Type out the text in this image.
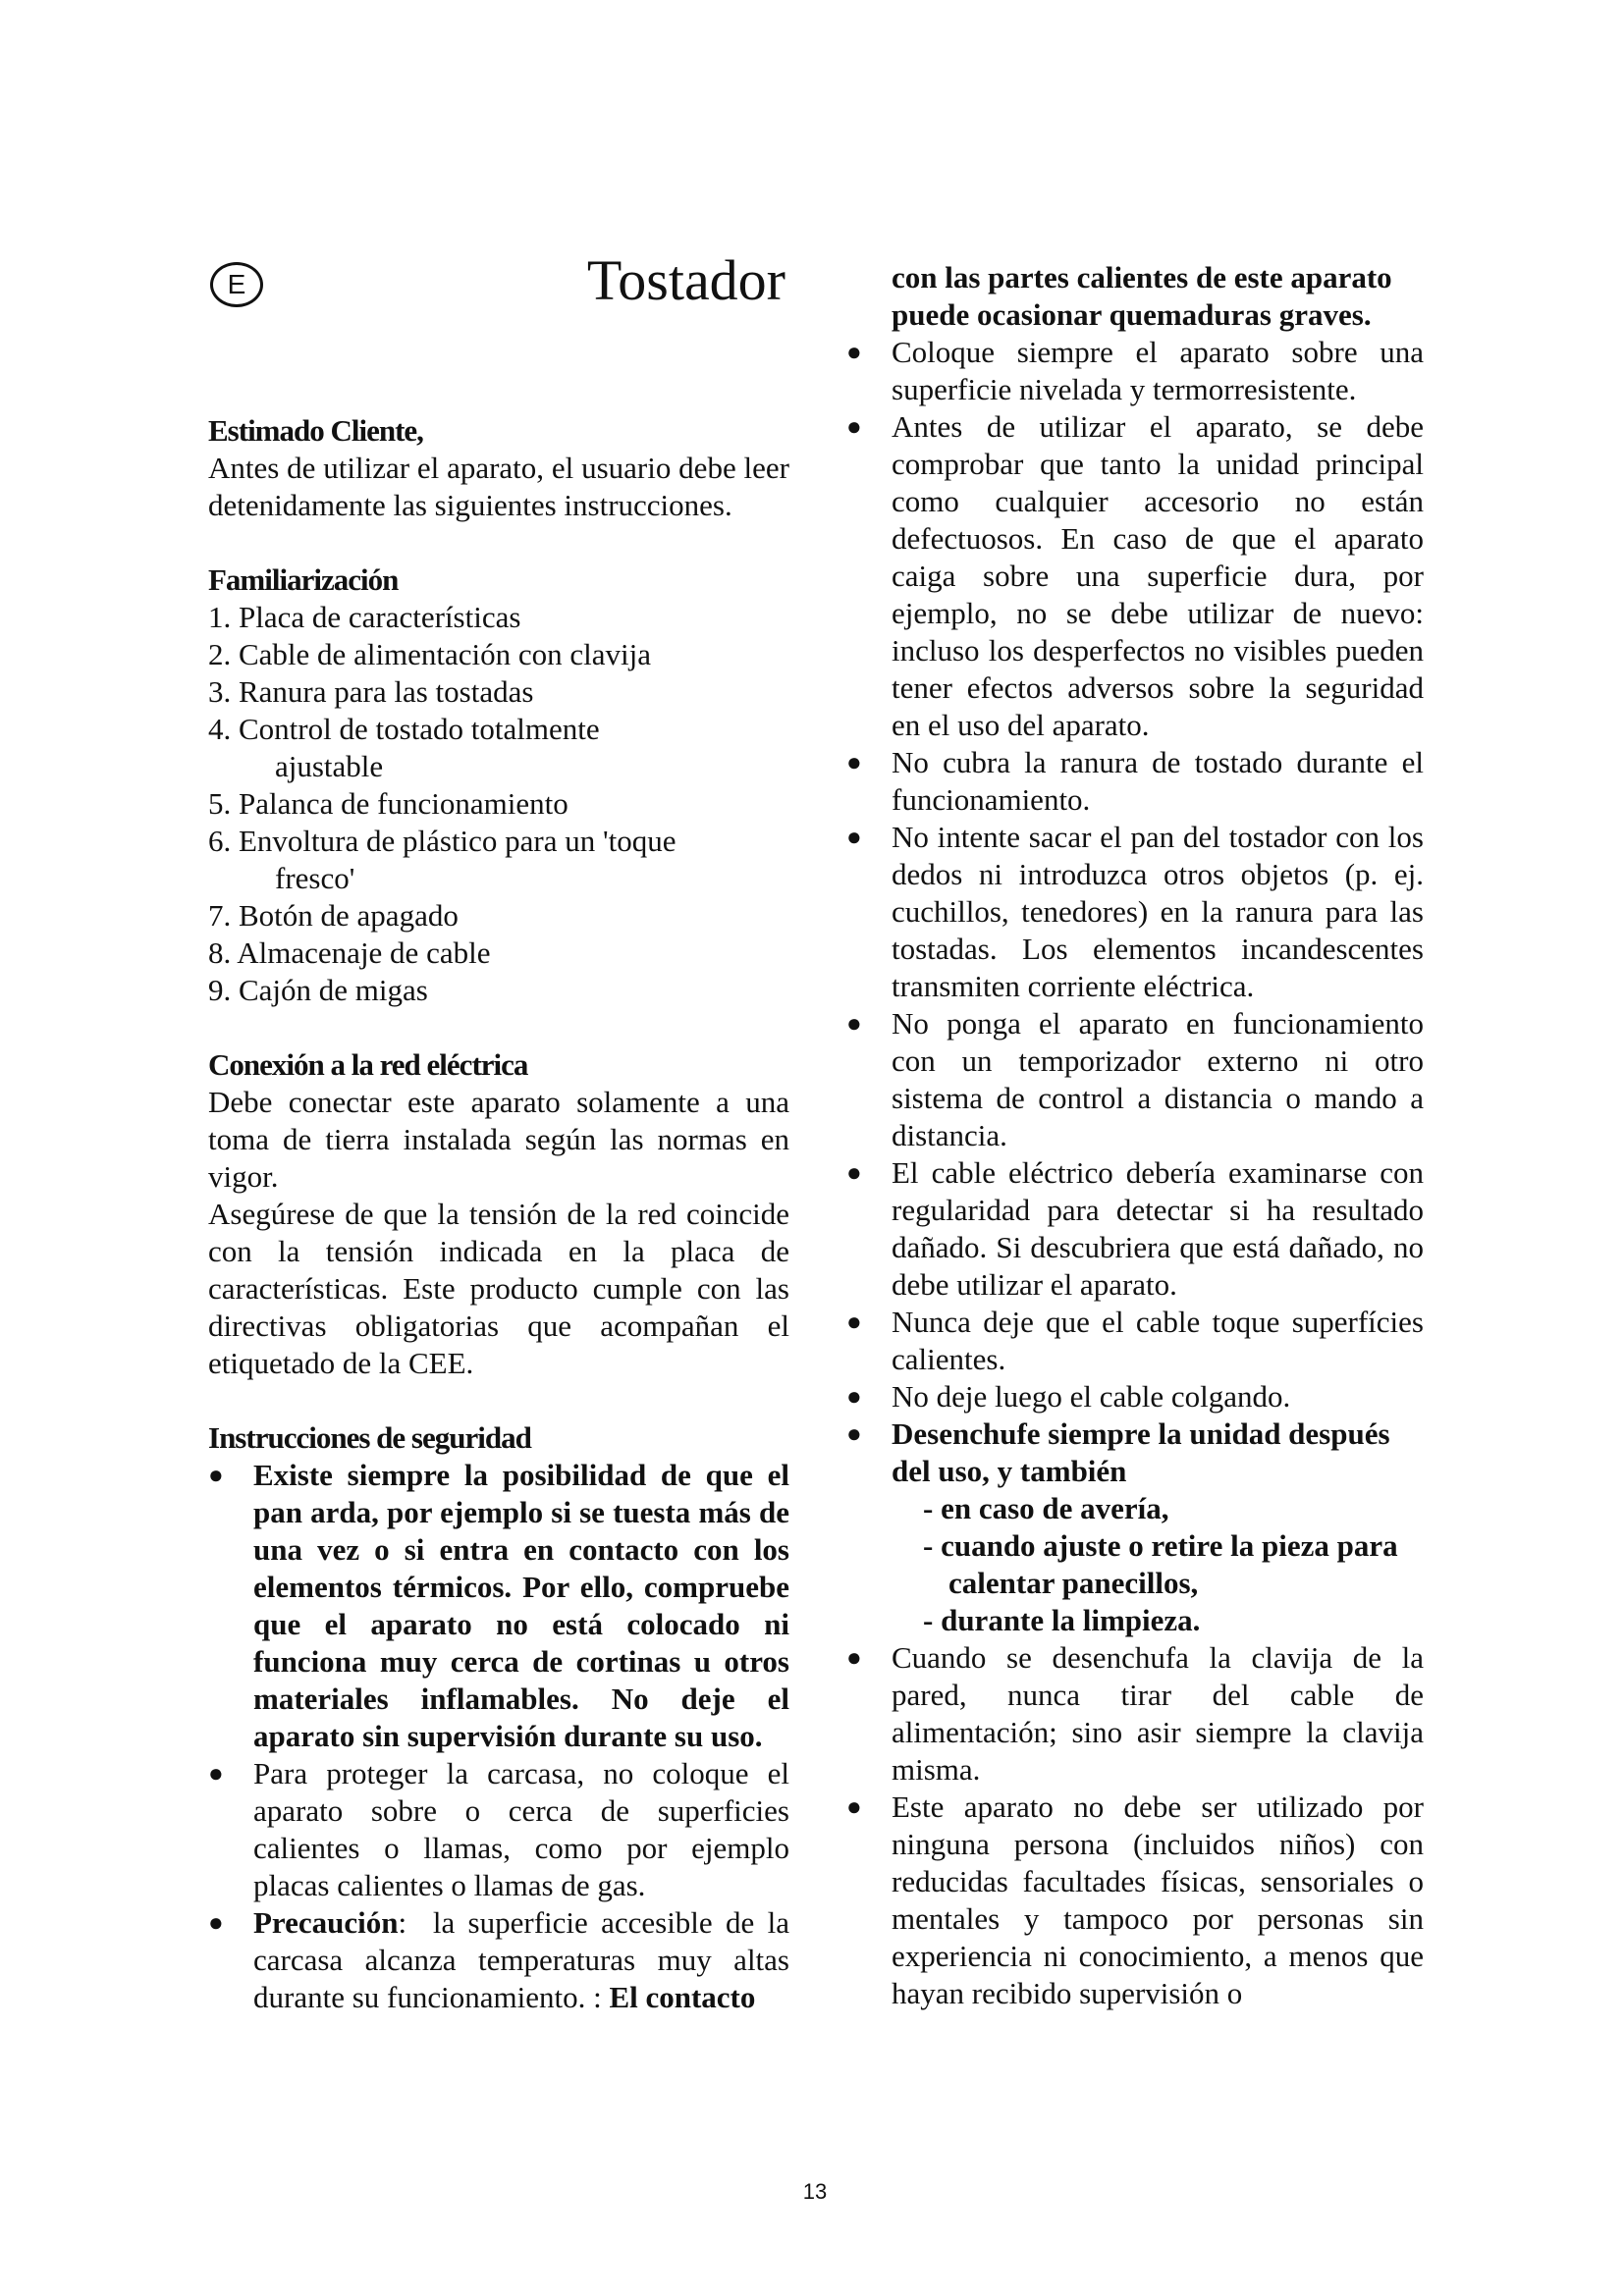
E	Tostador

Estimado Cliente,

Antes de utilizar el aparato, el usuario debe leer detenidamente las siguientes instrucciones.

Familiarización

1. Placa de características

2. Cable de alimentación con clavija

3. Ranura para las tostadas

4. Control de tostado totalmente

ajustable

5. Palanca de funcionamiento

6. Envoltura de plástico para un 'toque

fresco'

7. Botón de apagado

8. Almacenaje de cable

9. Cajón de migas

Conexión a la red eléctrica

Debe conectar este aparato solamente a una toma de tierra instalada según las normas en vigor.

Asegúrese de que la tensión de la red coincide con la tensión indicada en la placa de características. Este producto cumple con las directivas obligatorias que acompañan el etiquetado de la CEE.

Instrucciones de seguridad

● Existe siempre la posibilidad de que el pan arda, por ejemplo si se tuesta más de una vez o si entra en contacto con los elementos térmicos. Por ello, compruebe que el aparato no está colocado ni funciona muy cerca de cortinas u otros materiales inflamables. No deje el aparato sin supervisión durante su uso.
● Para proteger la carcasa, no coloque el aparato sobre o cerca de superficies calientes o llamas, como por ejemplo placas calientes o llamas de gas.
● Precaución: la superficie accesible de la carcasa alcanza temperaturas muy altas durante su funcionamiento. : El contacto

con las partes calientes de este aparato puede ocasionar quemaduras graves.

● Coloque siempre el aparato sobre una superficie nivelada y termorresistente.
● Antes de utilizar el aparato, se debe comprobar que tanto la unidad principal como cualquier accesorio no están defectuosos. En caso de que el aparato caiga sobre una superficie dura, por ejemplo, no se debe utilizar de nuevo: incluso los desperfectos no visibles pueden tener efectos adversos sobre la seguridad en el uso del aparato.
● No cubra la ranura de tostado durante el funcionamiento.
● No intente sacar el pan del tostador con los dedos ni introduzca otros objetos (p. ej. cuchillos, tenedores) en la ranura para las tostadas. Los elementos incandescentes transmiten corriente eléctrica.
● No ponga el aparato en funcionamiento con un temporizador externo ni otro sistema de control a distancia o mando a distancia.
● El cable eléctrico debería examinarse con regularidad para detectar si ha resultado dañado. Si descubriera que está dañado, no debe utilizar el aparato.
● Nunca deje que el cable toque superfícies calientes.
● No deje luego el cable colgando.
● Desenchufe siempre la unidad después del uso, y también
- en caso de avería,
- cuando ajuste o retire la pieza para
calentar panecillos,
- durante la limpieza.
● Cuando se desenchufa la clavija de la pared, nunca tirar del cable de alimentación; sino asir siempre la clavija misma.
● Este aparato no debe ser utilizado por ninguna persona (incluidos niños) con reducidas facultades físicas, sensoriales o mentales y tampoco por personas sin experiencia ni conocimiento, a menos que hayan recibido supervisión o
13
